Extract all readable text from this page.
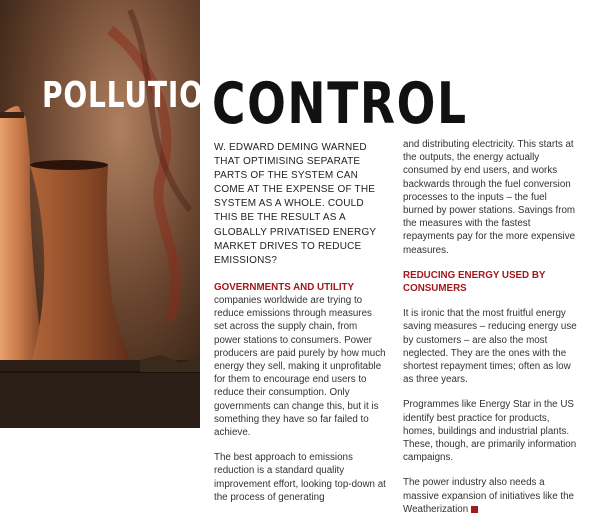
POLLUTION
CONTROL

W. EDWARD DEMING WARNED THAT OPTIMISING SEPARATE PARTS OF THE SYSTEM CAN COME AT THE EXPENSE OF THE SYSTEM AS A WHOLE. COULD THIS BE THE RESULT AS A GLOBALLY PRIVATISED ENERGY MARKET DRIVES TO REDUCE EMISSIONS?

GOVERNMENTS AND UTILITY companies worldwide are trying to reduce emissions through measures set across the supply chain, from power stations to consumers. Power producers are paid purely by how much energy they sell, making it unprofitable for them to encourage end users to reduce their consumption. Only governments can change this, but it is something they have so far failed to achieve.

The best approach to emissions reduction is a standard quality improvement effort, looking top-down at the process of generating

and distributing electricity. This starts at the outputs, the energy actually consumed by end users, and works backwards through the fuel conversion processes to the inputs – the fuel burned by power stations. Savings from the measures with the fastest repayments pay for the more expensive measures.

REDUCING ENERGY USED BY CONSUMERS

It is ironic that the most fruitful energy saving measures – reducing energy use by customers – are also the most neglected. They are the ones with the shortest repayment times; often as low as three years.

Programmes like Energy Star in the US identify best practice for products, homes, buildings and industrial plants. These, though, are primarily information campaigns.

The power industry also needs a massive expansion of initiatives like the Weatherization
